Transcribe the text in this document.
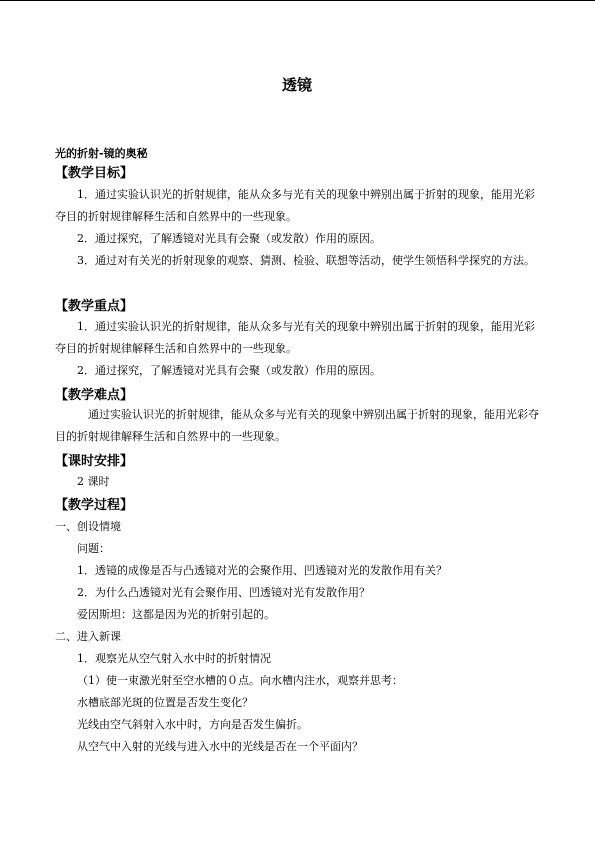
透镜
光的折射-镜的奥秘
【教学目标】

1．通过实验认识光的折射规律，能从众多与光有关的现象中辨别出属于折射的现象，能用光彩夺目的折射规律解释生活和自然界中的一些现象。

2．通过探究，了解透镜对光具有会聚（或发散）作用的原因。

3．通过对有关光的折射现象的观察、猜测、检验、联想等活动，使学生领悟科学探究的方法。

【教学重点】

1．通过实验认识光的折射规律，能从众多与光有关的现象中辨别出属于折射的现象，能用光彩夺目的折射规律解释生活和自然界中的一些现象。

2．通过探究，了解透镜对光具有会聚（或发散）作用的原因。

【教学难点】

通过实验认识光的折射规律，能从众多与光有关的现象中辨别出属于折射的现象，能用光彩夺目的折射规律解释生活和自然界中的一些现象。

【课时安排】
2 课时
【教学过程】
一、创设情境
问题：
1．透镜的成像是否与凸透镜对光的会聚作用、凹透镜对光的发散作用有关？
2．为什么凸透镜对光有会聚作用、凹透镜对光有发散作用？
爱因斯坦：这都是因为光的折射引起的。
二、进入新课
1．观察光从空气射入水中时的折射情况
（1）使一束激光射至空水槽的０点。向水槽内注水，观察并思考：
水槽底部光斑的位置是否发生变化？
光线由空气斜射入水中时，方向是否发生偏折。
从空气中入射的光线与进入水中的光线是否在一个平面内？
